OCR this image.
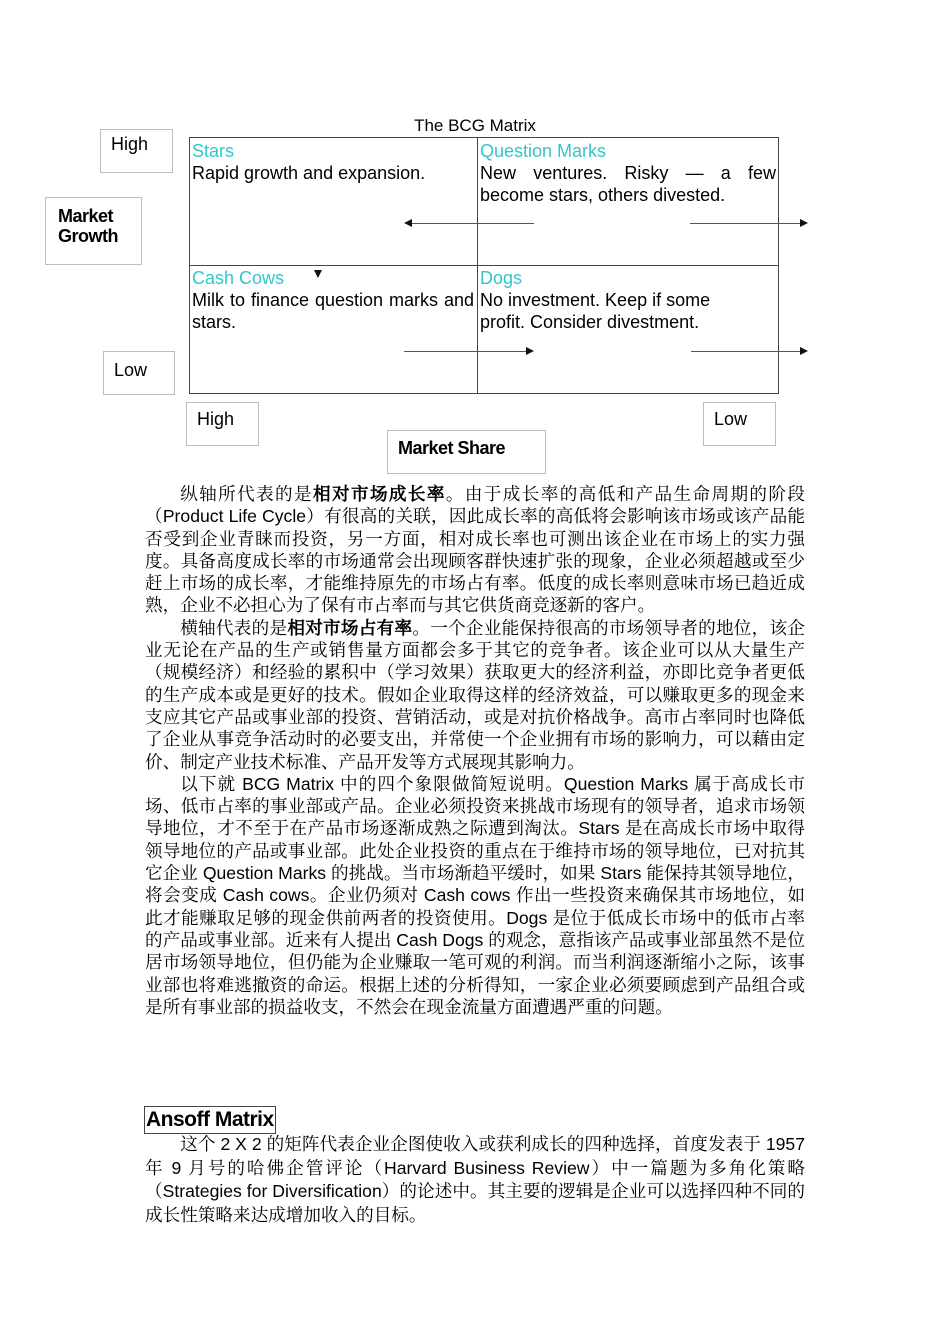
The BCG Matrix
High
Market Growth
Low
Stars
Rapid growth and expansion.
Question Marks
New ventures. Risky — a few become stars, others divested.
Cash Cows
Milk to finance question marks and stars.
Dogs
No investment. Keep if some profit. Consider divestment.
High	Low
Market Share

纵轴所代表的是相对市场成长率。由于成长率的高低和产品生命周期的阶段（Product Life Cycle）有很高的关联，因此成长率的高低将会影响该市场或该产品能否受到企业青睐而投资，另一方面，相对成长率也可测出该企业在市场上的实力强度。具备高度成长率的市场通常会出现顾客群快速扩张的现象，企业必须超越或至少赶上市场的成长率，才能维持原先的市场占有率。低度的成长率则意味市场已趋近成熟，企业不必担心为了保有市占率而与其它供货商竞逐新的客户。

横轴代表的是相对市场占有率。一个企业能保持很高的市场领导者的地位，该企业无论在产品的生产或销售量方面都会多于其它的竞争者。该企业可以从大量生产（规模经济）和经验的累积中（学习效果）获取更大的经济利益，亦即比竞争者更低的生产成本或是更好的技术。假如企业取得这样的经济效益，可以赚取更多的现金来支应其它产品或事业部的投资、营销活动，或是对抗价格战争。高市占率同时也降低了企业从事竞争活动时的必要支出，并常使一个企业拥有市场的影响力，可以藉由定价、制定产业技术标准、产品开发等方式展现其影响力。

以下就 BCG Matrix 中的四个象限做简短说明。Question Marks 属于高成长市场、低市占率的事业部或产品。企业必须投资来挑战市场现有的领导者，追求市场领导地位，才不至于在产品市场逐渐成熟之际遭到淘汰。Stars 是在高成长市场中取得领导地位的产品或事业部。此处企业投资的重点在于维持市场的领导地位，已对抗其它企业 Question Marks 的挑战。当市场渐趋平缓时，如果 Stars 能保持其领导地位，将会变成 Cash cows。企业仍须对 Cash cows 作出一些投资来确保其市场地位，如此才能赚取足够的现金供前两者的投资使用。Dogs 是位于低成长市场中的低市占率的产品或事业部。近来有人提出 Cash Dogs 的观念，意指该产品或事业部虽然不是位居市场领导地位，但仍能为企业赚取一笔可观的利润。而当利润逐渐缩小之际，该事业部也将难逃撤资的命运。根据上述的分析得知，一家企业必须要顾虑到产品组合或是所有事业部的损益收支，不然会在现金流量方面遭遇严重的问题。

Ansoff Matrix

这个 2 X 2 的矩阵代表企业企图使收入或获利成长的四种选择，首度发表于 1957 年 9 月号的哈佛企管评论（Harvard Business Review）中一篇题为多角化策略（Strategies for Diversification）的论述中。其主要的逻辑是企业可以选择四种不同的成长性策略来达成增加收入的目标。
